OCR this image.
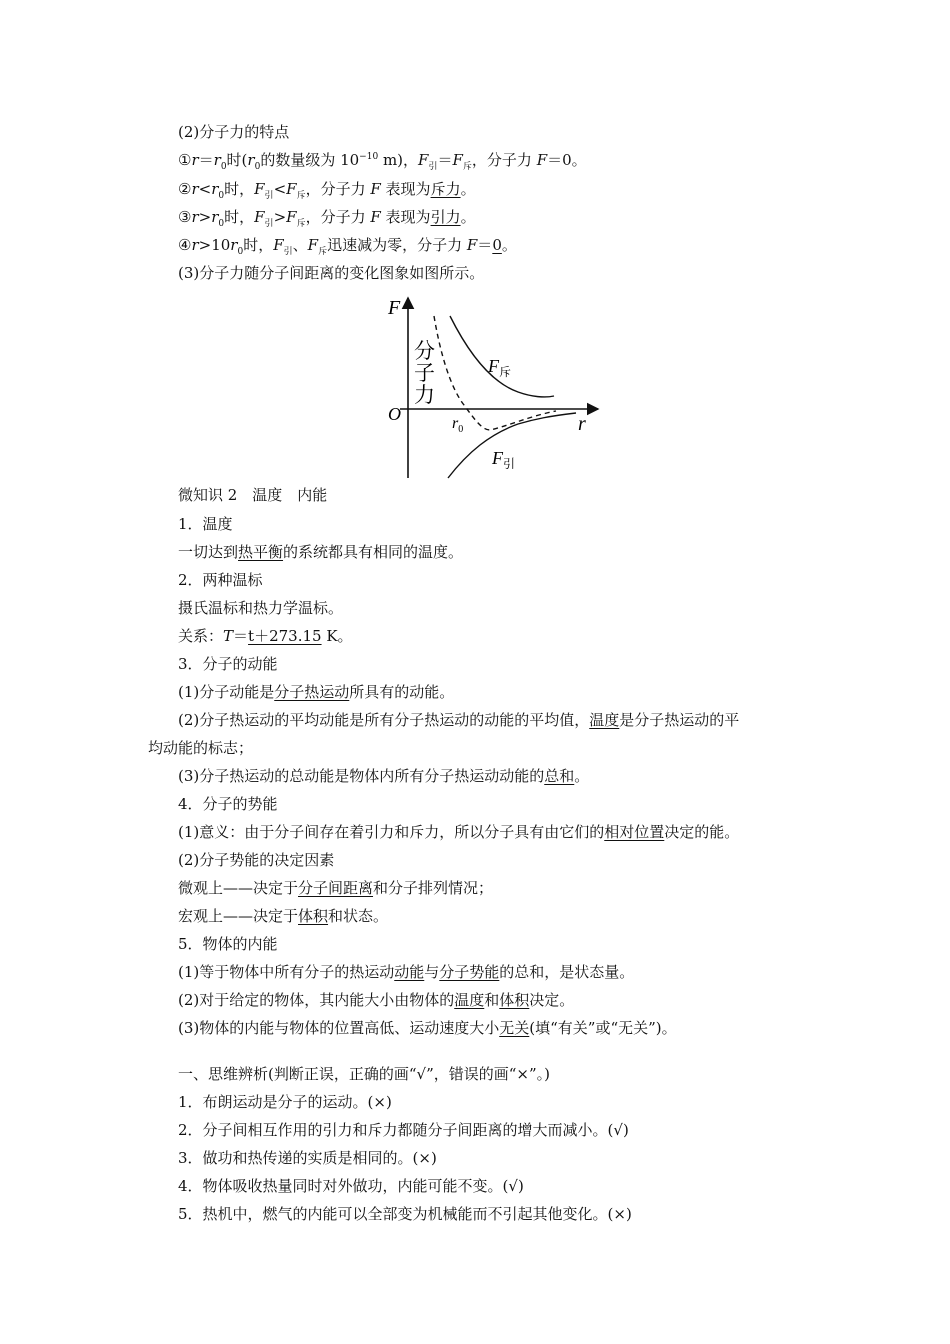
(2)分子力的特点
$①r=r_0$时($r_0$的数量级为 $10^{-10}$ m)，$F_引=F_斥$，分子力 F＝0。
$②r<r_0$时，$F_引<F_斥$，分子力 F 表现为斥力。
$③r>r_0$时，$F_引>F_斥$，分子力 F 表现为引力。
$④r>10r_0$时，$F_引$、$F_斥$迅速减为零，分子力 F＝0。
(3)分子力随分子间距离的变化图象如图所示。
F
r
O	$r_0$
分
子
力
$F_斥$
$F_引$
微知识 2　温度　内能
1．温度
一切达到热平衡的系统都具有相同的温度。
2．两种温标
摄氏温标和热力学温标。
关系：T＝t＋273.15 K。
3．分子的动能
(1)分子动能是分子热运动所具有的动能。
(2)分子热运动的平均动能是所有分子热运动的动能的平均值，温度是分子热运动的平
均动能的标志；
(3)分子热运动的总动能是物体内所有分子热运动动能的总和。
4．分子的势能
(1)意义：由于分子间存在着引力和斥力，所以分子具有由它们的相对位置决定的能。
(2)分子势能的决定因素
微观上——决定于分子间距离和分子排列情况；
宏观上——决定于体积和状态。
5．物体的内能
(1)等于物体中所有分子的热运动动能与分子势能的总和，是状态量。
(2)对于给定的物体，其内能大小由物体的温度和体积决定。
(3)物体的内能与物体的位置高低、运动速度大小无关(填“有关”或“无关”)。
一、思维辨析(判断正误，正确的画“√”，错误的画“×”。)
1．布朗运动是分子的运动。(×)
2．分子间相互作用的引力和斥力都随分子间距离的增大而减小。(√)
3．做功和热传递的实质是相同的。(×)
4．物体吸收热量同时对外做功，内能可能不变。(√)
5．热机中，燃气的内能可以全部变为机械能而不引起其他变化。(×)
